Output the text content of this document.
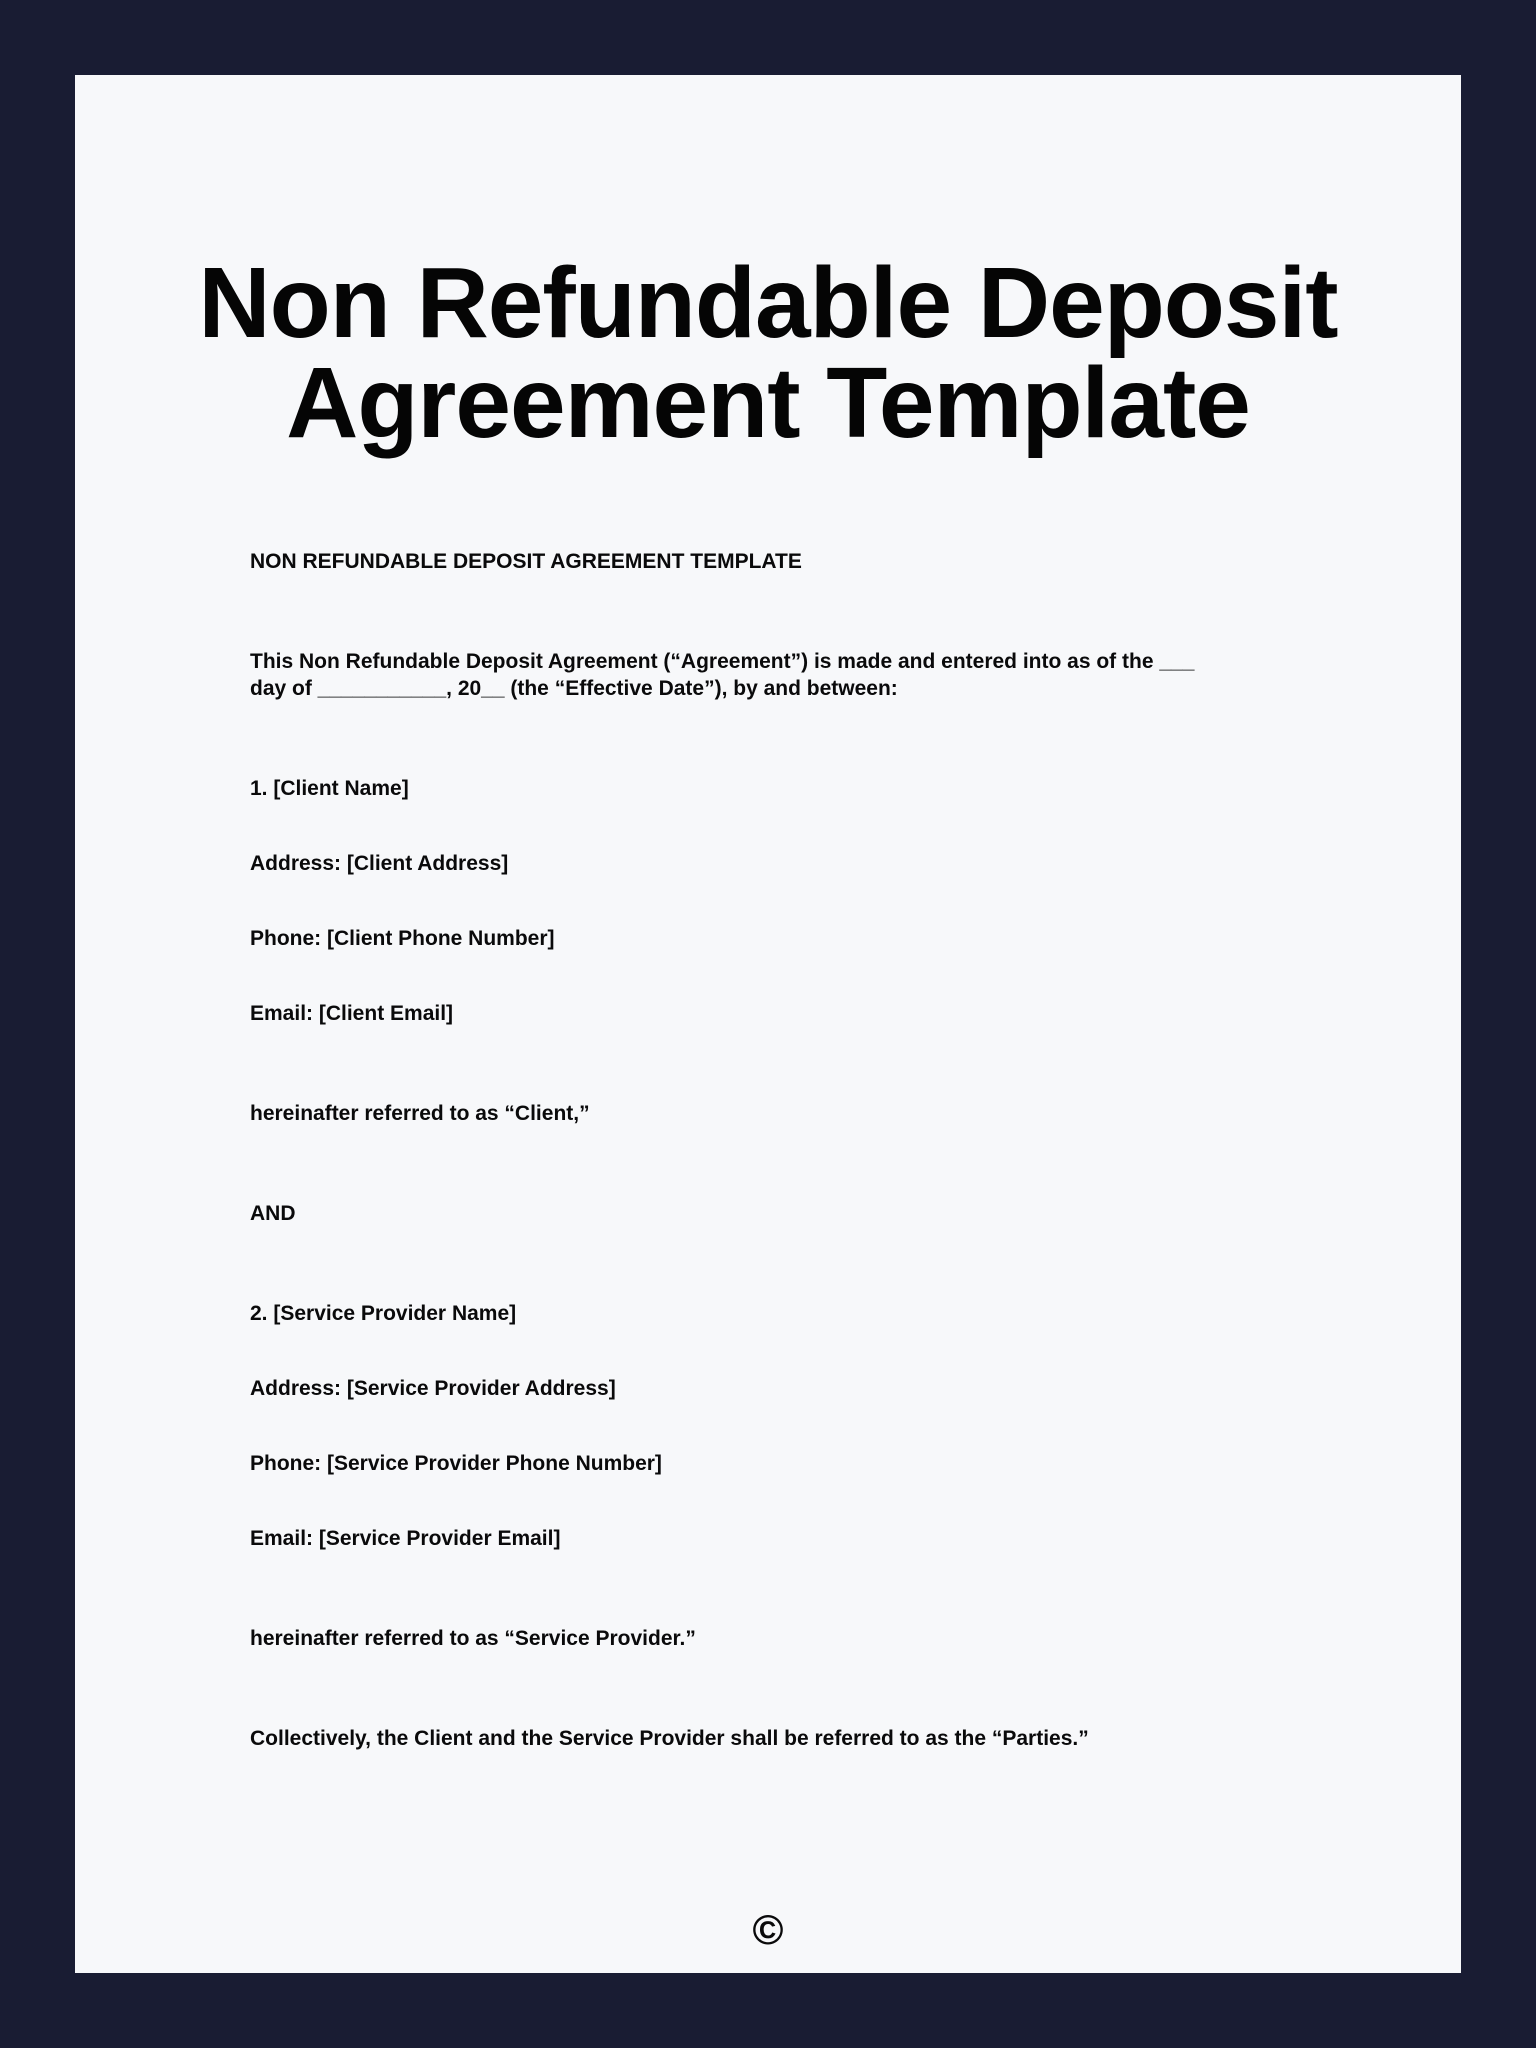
Non Refundable Deposit Agreement Template

NON REFUNDABLE DEPOSIT AGREEMENT TEMPLATE

This Non Refundable Deposit Agreement (“Agreement”) is made and entered into as of the ___ day of ___________, 20__ (the “Effective Date”), by and between:

1. [Client Name]

Address: [Client Address]

Phone: [Client Phone Number]

Email: [Client Email]

hereinafter referred to as “Client,”

AND

2. [Service Provider Name]

Address: [Service Provider Address]

Phone: [Service Provider Phone Number]

Email: [Service Provider Email]

hereinafter referred to as “Service Provider.”

Collectively, the Client and the Service Provider shall be referred to as the “Parties.”

©
